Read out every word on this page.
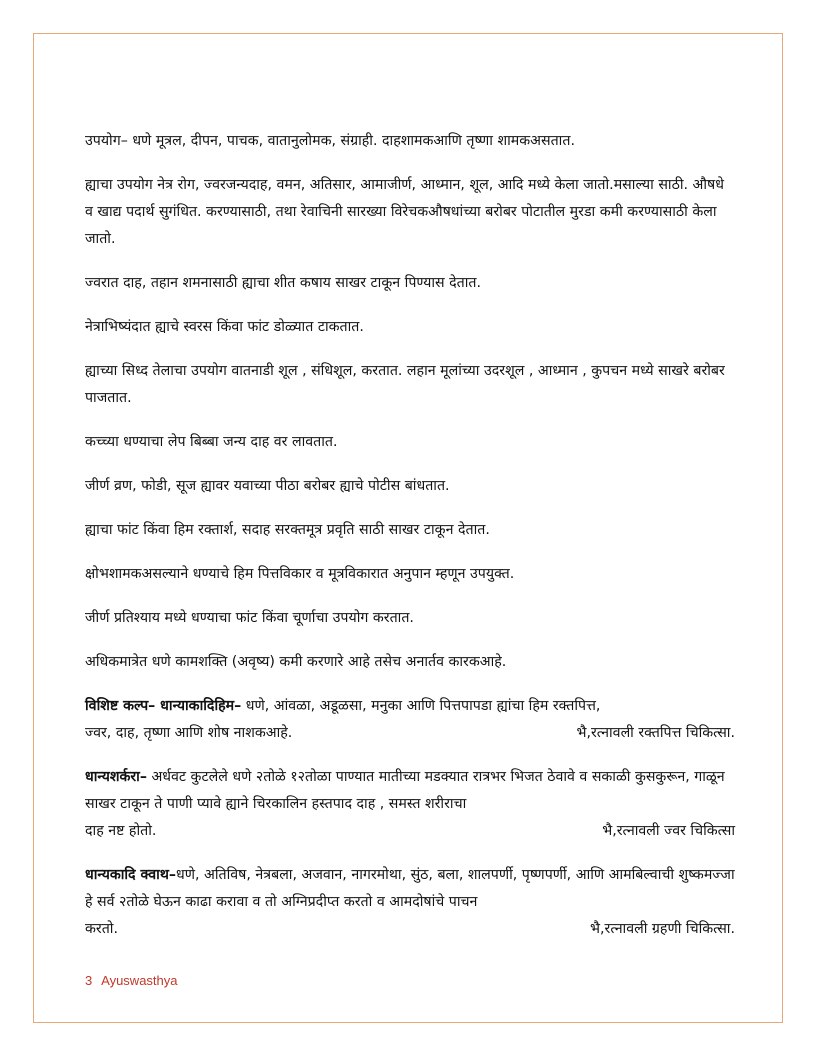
उपयोग– धणे मूत्रल, दीपन, पाचक, वातानुलोमक, संग्राही. दाहशामकआणि तृष्णा शामकअसतात.

ह्याचा उपयोग नेत्र रोग, ज्वरजन्यदाह, वमन, अतिसार, आमाजीर्ण, आध्मान, शूल, आदि मध्ये केला जातो.मसाल्या साठी. औषधे व खाद्य पदार्थ सुगंधित. करण्यासाठी, तथा रेवाचिनी सारख्या विरेचकऔषधांच्या बरोबर पोटातील मुरडा कमी करण्यासाठी केला जातो.

ज्वरात दाह, तहान शमनासाठी ह्याचा शीत कषाय साखर टाकून पिण्यास देतात.

नेत्राभिष्यंदात ह्याचे स्वरस किंवा फांट डोळ्यात टाकतात.

ह्याच्या सिध्द तेलाचा उपयोग वातनाडी शूल , संधिशूल, करतात. लहान मूलांच्या उदरशूल , आध्मान , कुपचन मध्ये साखरे बरोबर पाजतात.

कच्च्या धण्याचा लेप बिब्बा जन्य दाह वर लावतात.

जीर्ण व्रण, फोडी, सूज ह्यावर यवाच्या पीठा बरोबर ह्याचे पोटीस बांधतात.

ह्याचा फांट किंवा हिम रक्तार्श, सदाह सरक्तमूत्र प्रवृति साठी साखर टाकून देतात.

क्षोभशामकअसल्याने धण्याचे हिम पित्तविकार व मूत्रविकारात अनुपान म्हणून उपयुक्त.

जीर्ण प्रतिश्याय मध्ये धण्याचा फांट किंवा चूर्णाचा उपयोग करतात.

अधिकमात्रेत धणे कामशक्ति (अवृष्य) कमी करणारे आहे तसेच अनार्तव कारकआहे.

विशिष्ट कल्प– धान्याकादिहिम– धणे, आंवळा, अडूळसा, मनुका आणि पित्तपापडा ह्यांचा हिम रक्तपित्त,
ज्वर, दाह, तृष्णा आणि शोष नाशकआहे.	भै,रत्नावली रक्तपित्त चिकित्सा.
धान्यशर्करा– अर्धवट कुटलेले धणे २तोळे १२तोळा पाण्यात मातीच्या मडक्यात रात्रभर भिजत ठेवावे व सकाळी कुसकुरून, गाळून साखर टाकून ते पाणी प्यावे ह्याने चिरकालिन हस्तपाद दाह , समस्त शरीराचा
दाह नष्ट होतो.	भै,रत्नावली ज्वर चिकित्सा
धान्यकादि क्वाथ–धणे, अतिविष, नेत्रबला, अजवान, नागरमोथा, सुंठ, बला, शालपर्णी, पृष्णपर्णी, आणि आमबिल्वाची शुष्कमज्जा हे सर्व २तोळे घेऊन काढा करावा व तो अग्निप्रदीप्त करतो व आमदोषांचे पाचन
करतो.	भै,रत्नावली ग्रहणी चिकित्सा.
3 Ayuswasthya
